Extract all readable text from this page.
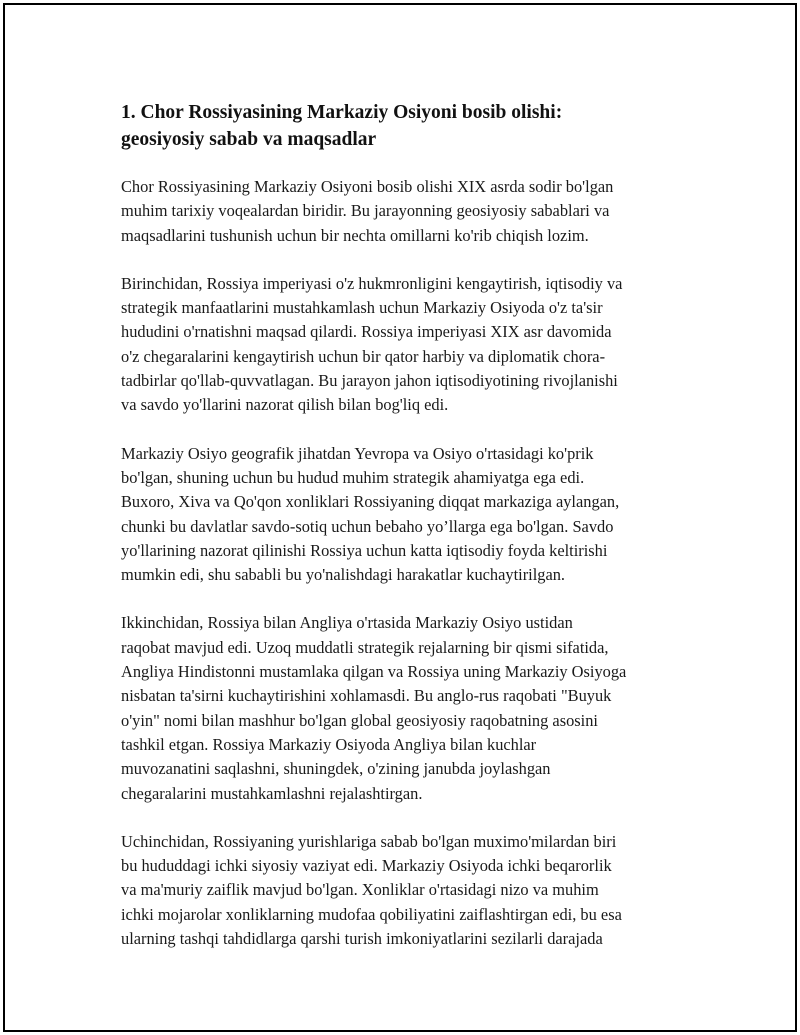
1. Chor Rossiyasining Markaziy Osiyoni bosib olishi:
geosiyosiy sabab va maqsadlar

Chor Rossiyasining Markaziy Osiyoni bosib olishi XIX asrda sodir bo'lgan
muhim tarixiy voqealardan biridir. Bu jarayonning geosiyosiy sabablari va
maqsadlarini tushunish uchun bir nechta omillarni ko'rib chiqish lozim.

Birinchidan, Rossiya imperiyasi o'z hukmronligini kengaytirish, iqtisodiy va
strategik manfaatlarini mustahkamlash uchun Markaziy Osiyoda o'z ta'sir
hududini o'rnatishni maqsad qilardi. Rossiya imperiyasi XIX asr davomida
o'z chegaralarini kengaytirish uchun bir qator harbiy va diplomatik chora-
tadbirlar qo'llab-quvvatlagan. Bu jarayon jahon iqtisodiyotining rivojlanishi
va savdo yo'llarini nazorat qilish bilan bog'liq edi.

Markaziy Osiyo geografik jihatdan Yevropa va Osiyo o'rtasidagi ko'prik
bo'lgan, shuning uchun bu hudud muhim strategik ahamiyatga ega edi.
Buxoro, Xiva va Qo'qon xonliklari Rossiyaning diqqat markaziga aylangan,
chunki bu davlatlar savdo-sotiq uchun bebaho yo’llarga ega bo'lgan. Savdo
yo'llarining nazorat qilinishi Rossiya uchun katta iqtisodiy foyda keltirishi
mumkin edi, shu sababli bu yo'nalishdagi harakatlar kuchaytirilgan.

Ikkinchidan, Rossiya bilan Angliya o'rtasida Markaziy Osiyo ustidan
raqobat mavjud edi. Uzoq muddatli strategik rejalarning bir qismi sifatida,
Angliya Hindistonni mustamlaka qilgan va Rossiya uning Markaziy Osiyoga
nisbatan ta'sirni kuchaytirishini xohlamasdi. Bu anglo-rus raqobati "Buyuk
o'yin" nomi bilan mashhur bo'lgan global geosiyosiy raqobatning asosini
tashkil etgan. Rossiya Markaziy Osiyoda Angliya bilan kuchlar
muvozanatini saqlashni, shuningdek, o'zining janubda joylashgan
chegaralarini mustahkamlashni rejalashtirgan.

Uchinchidan, Rossiyaning yurishlariga sabab bo'lgan muximo'milardan biri
bu hududdagi ichki siyosiy vaziyat edi. Markaziy Osiyoda ichki beqarorlik
va ma'muriy zaiflik mavjud bo'lgan. Xonliklar o'rtasidagi nizo va muhim
ichki mojarolar xonliklarning mudofaa qobiliyatini zaiflashtirgan edi, bu esa
ularning tashqi tahdidlarga qarshi turish imkoniyatlarini sezilarli darajada
